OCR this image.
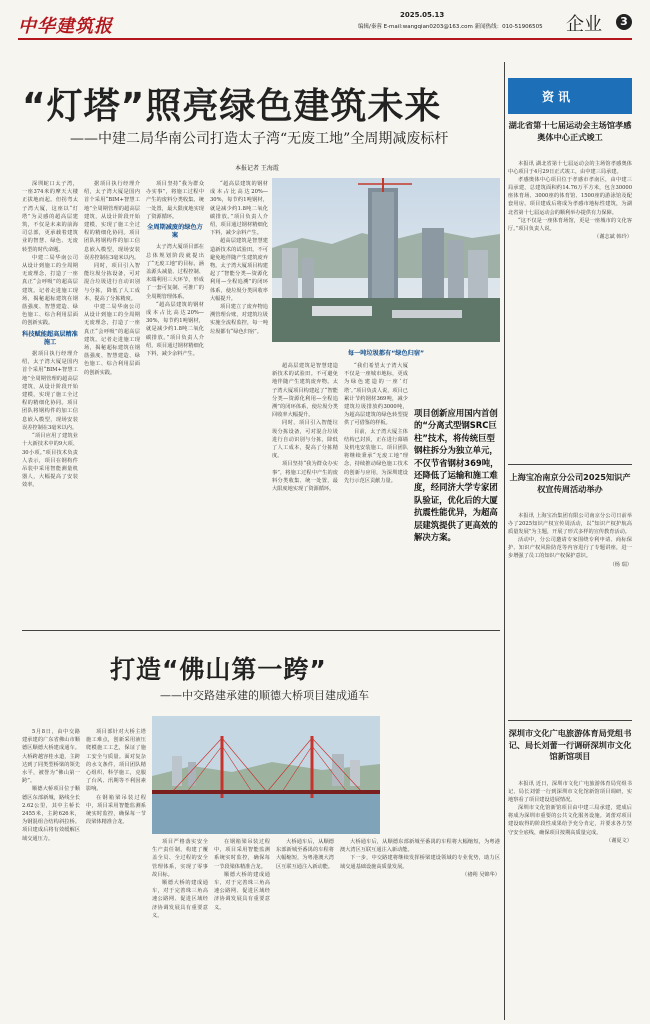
中华建筑报
2025.05.13
编辑/秦蓉 E-mail:wangqian0203@163.com 新闻热线：010-51906505 企业	3
“灯塔”照亮绿色建筑未来
——中建二局华南公司打造太子湾“无废工地”全周期减废标杆
本报记者 王海霞

深圳蛇口太子湾，一座374米的摩天大楼正拔地而起。但拐弯太子湾大厦，这座以“灯塔”为灵感的超高层建筑，不仅是未来的前海司总部，更承载着建筑业的智慧、绿色、无废转型的时代命题。

中建二局华南公司从设计到施工的全周期无废理念，打造了一座真正“会呼吸”的超高层建筑。记者走进施工现场，揭秘超标建筑在钢筋强度、智慧建造、绿色施工、综合利用层面的创新实践。

科技赋能超高层精准施工

据项目执行经理介绍，太子湾大厦是国内首个采用“BIM+智慧工地”全周期管理的超高层建筑，从设计阶段开始建模，实现了施工全过程的精细化协同。项目团队将钢构件的加工信息嵌入模型，现场安装误差控制在3毫米以内。

“项目应用了建筑业十大新技术中的9大项、30小项。”项目技术负责人表示，项目在钢构件吊装中采用智能测量机器人，大幅提高了安装效率。

据项目执行经理介绍，太子湾大厦是国内首个采用“BIM+智慧工地”全周期管理的超高层建筑，从设计阶段开始建模，实现了施工全过程的精细化协同。项目团队将钢构件的加工信息嵌入模型，现场安装误差控制在3毫米以内。

同时，项目引入智能垃圾分拣设备，可对混合垃圾进行自动识别与分拣，降低了人工成本，提高了分拣精度。

中建二局华南公司从设计到施工的全周期无废理念，打造了一座真正“会呼吸”的超高层建筑。记者走进施工现场，揭秘超标建筑在钢筋强度、智慧建造、绿色施工、综合利用层面的创新实践。

项目坚持“我为群众办实事”，将施工过程中产生的废料分类收集、统一处置，最大限度地实现了资源循环。

全周期减废的绿色方案

太子湾大厦项目部在总体规划阶段就提出了“无废工地”的目标，涵盖源头减量、过程控制、末端利用三大环节，形成了一套可复制、可推广的全周期管理体系。

“超高层建筑的钢材成本占比高达20%—30%，每节约1吨钢材，就是减少约1.8吨二氧化碳排放。”项目负责人介绍，项目通过钢材精细化下料，减少余料产生。

“超高层建筑的钢材成本占比高达20%—30%，每节约1吨钢材，就是减少约1.8吨二氧化碳排放。”项目负责人介绍，项目通过钢材精细化下料，减少余料产生。

超高层建筑是智慧建造新技术的试验田。不可避免地伴随产生建筑废弃物。太子湾大厦项目构建起了“智能分类—资源化利用—全程追溯”的闭环体系，使垃圾分类回收率大幅提升。

项目建立了废弃物追溯管理台账，对建筑垃圾实施全流程监控，每一吨垃圾都有“绿色归宿”。

每一吨垃圾都有“绿色归宿”

超高层建筑是智慧建造新技术的试验田。不可避免地伴随产生建筑废弃物。太子湾大厦项目构建起了“智能分类—资源化利用—全程追溯”的闭环体系，使垃圾分类回收率大幅提升。

同时，项目引入智能垃圾分拣设备，可对混合垃圾进行自动识别与分拣，降低了人工成本，提高了分拣精度。

项目坚持“我为群众办实事”，将施工过程中产生的废料分类收集、统一处置，最大限度地实现了资源循环。

“我们希望太子湾大厦不仅是一座城市地标，更成为绿色建造的一座‘灯塔’。”项目负责人说，项目已累计节约钢材369吨，减少建筑垃圾排放约3000吨，为超高层建筑的绿色转型提供了可借鉴的样板。

目前，太子湾大厦主体结构已封顶，正在进行幕墙及机电安装施工。项目团队将继续秉承“无废工地”理念，持续推动绿色施工技术的创新与应用，为深圳建设先行示范区贡献力量。

项目创新应用国内首创的“分离式型钢SRC巨柱”技术，将传统巨型钢柱拆分为独立单元，不仅节省钢材369吨，还降低了运输和施工难度，经同济大学专家团队验证，优化后的大厦抗震性能优异，为超高层建筑提供了更高效的解决方案。
打造“佛山第一跨”
——中交路建承建的顺德大桥项目建成通车

5月8日，由中交路建承建的广东省佛山市顺德区顺德大桥建成通车。大桥跨越容桂水道，主跨达到了同类型桥梁的领先水平，被誉为“佛山第一跨”。

顺德大桥项目位于顺德区东部新城，路线全长2.62公里，其中主桥长2455米，主跨626米，为钢混组合结构斜拉桥。项目建成后将有效缓解区域交通压力。

项目部针对大桥主塔施工难点，创新采用液压爬模施工工艺，保证了施工安全与质量。面对复杂的水文条件，项目团队精心组织、科学施工，克服了台风、汛期等不利因素影响。

在钢箱梁吊装过程中，项目采用智能监测系统实时监控，确保每一节段梁体精准合龙。

项目严格落实安全生产责任制，构建了覆盖全员、全过程的安全管理体系，实现了零事故目标。

顺德大桥的建成通车，对于完善珠三角高速公路网、促进区域经济协调发展具有重要意义。

在钢箱梁吊装过程中，项目采用智能监测系统实时监控，确保每一节段梁体精准合龙。

顺德大桥的建成通车，对于完善珠三角高速公路网、促进区域经济协调发展具有重要意义。

大桥通车后，从顺德东部新城至番禺的车程将大幅缩短，为粤港澳大湾区互联互通注入新动能。

大桥通车后，从顺德东部新城至番禺的车程将大幅缩短，为粤港澳大湾区互联互通注入新动能。

下一步，中交路建将继续发挥桥梁建设领域的专业优势，助力区域交通基础设施高质量发展。

（褚朔 吴锦华）
资讯
湖北省第十七届运动会主场馆孝感奥体中心正式竣工

本报讯 湖北省第十七届运动会的主场馆孝感奥体中心项目于4月29日正式竣工，由中建三局承建。

孝感奥体中心项目位于孝感市孝南区，由中建三局承建，总建筑面积约14.76万平方米，包含30000座体育场、3000座的体育馆、1500座的游泳馆及配套用房。项目建成后将成为孝感市地标性建筑，为湖北省第十七届运动会的顺利举办提供有力保障。

“这不仅是一座体育场馆，更是一座城市的文化客厅。”项目负责人说。

（谢志斌 韩玲）
上海宝冶南京分公司2025知识产权宣传周活动举办

本报讯 上海宝冶集团有限公司南京分公司日前举办了2025知识产权宣传周活动，以“知识产权护航高质量发展”为主题，开展了形式多样的宣传教育活动。

活动中，分公司邀请专家围绕专利申请、商标保护、知识产权风险防范等内容进行了专题讲座，进一步增强了员工的知识产权保护意识。

（杨 瑞）
深圳市文化广电旅游体育局党组书记、局长刘蕾一行调研深圳市文化馆新馆项目

本报讯 近日，深圳市文化广电旅游体育局党组书记、局长刘蕾一行到深圳市文化馆新馆项目调研，实地察看了项目建设进展情况。

深圳市文化馆新馆项目由中建三局承建，建成后将成为深圳市重要的公共文化服务设施。刘蕾对项目建设取得的阶段性成果给予充分肯定，并要求各方坚守安全底线，确保项目按期高质量完成。

（谢夏文）
